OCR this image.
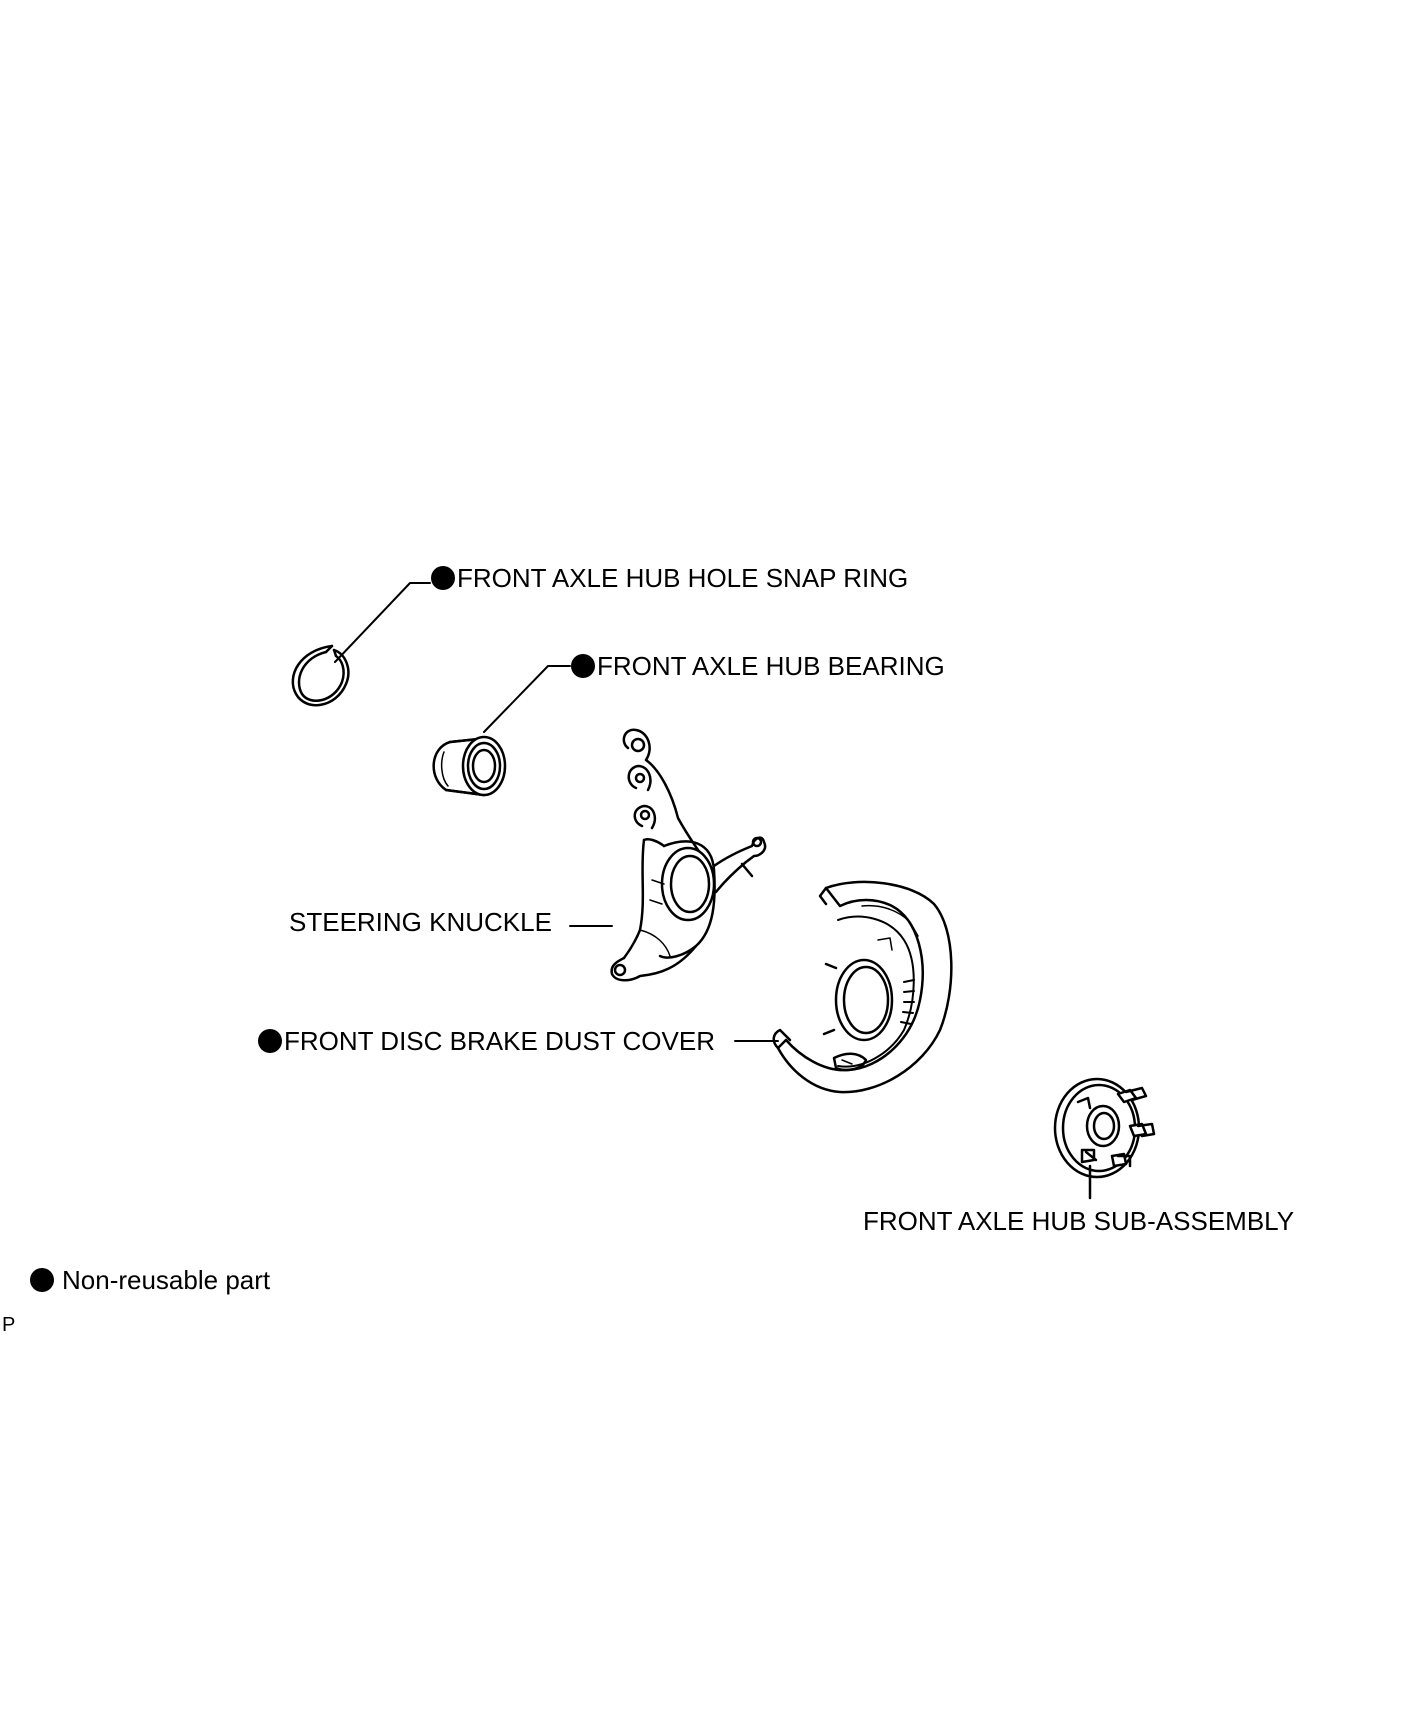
FRONT AXLE HUB HOLE SNAP RING
FRONT AXLE HUB BEARING
STEERING KNUCKLE
FRONT DISC BRAKE DUST COVER
FRONT AXLE HUB SUB-ASSEMBLY
Non-reusable part
P
